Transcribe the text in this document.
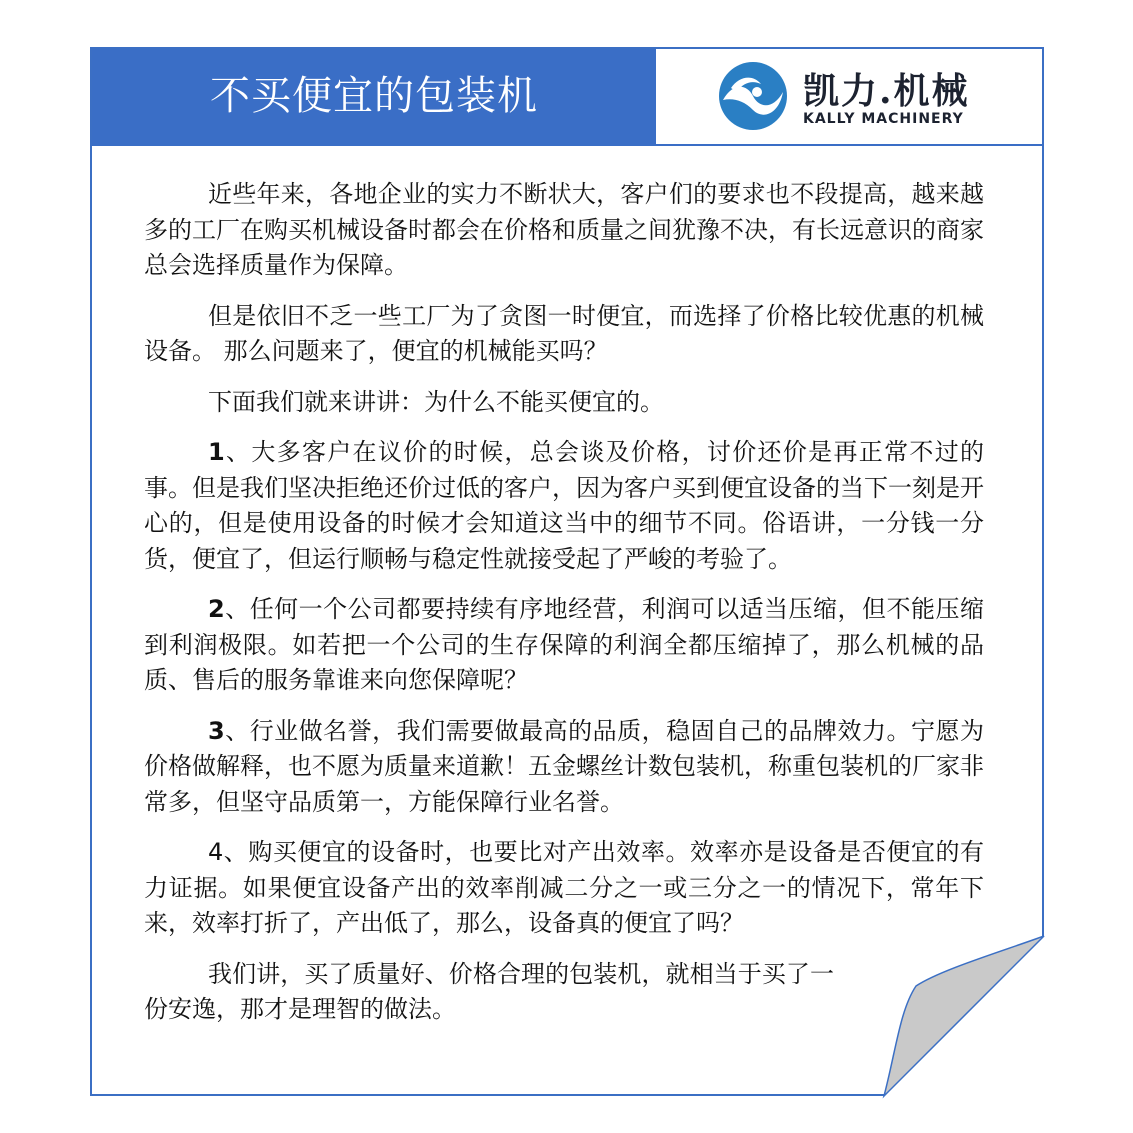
不买便宜的包装机	凯力.机械
KALLY MACHINERY

近些年来，各地企业的实力不断状大，客户们的要求也不段提高，越来越多的工厂在购买机械设备时都会在价格和质量之间犹豫不决，有长远意识的商家总会选择质量作为保障。

但是依旧不乏一些工厂为了贪图一时便宜，而选择了价格比较优惠的机械设备。 那么问题来了，便宜的机械能买吗？

下面我们就来讲讲：为什么不能买便宜的。

1、大多客户在议价的时候，总会谈及价格，讨价还价是再正常不过的事。但是我们坚决拒绝还价过低的客户，因为客户买到便宜设备的当下一刻是开心的，但是使用设备的时候才会知道这当中的细节不同。俗语讲，一分钱一分货，便宜了，但运行顺畅与稳定性就接受起了严峻的考验了。

2、任何一个公司都要持续有序地经营，利润可以适当压缩，但不能压缩到利润极限。如若把一个公司的生存保障的利润全都压缩掉了，那么机械的品质、售后的服务靠谁来向您保障呢？

3、行业做名誉，我们需要做最高的品质，稳固自己的品牌效力。宁愿为价格做解释，也不愿为质量来道歉！五金螺丝计数包装机，称重包装机的厂家非常多，但坚守品质第一，方能保障行业名誉。

4、购买便宜的设备时，也要比对产出效率。效率亦是设备是否便宜的有力证据。如果便宜设备产出的效率削减二分之一或三分之一的情况下，常年下来，效率打折了，产出低了，那么，设备真的便宜了吗？

我们讲，买了质量好、价格合理的包装机，就相当于买了一份安逸，那才是理智的做法。
